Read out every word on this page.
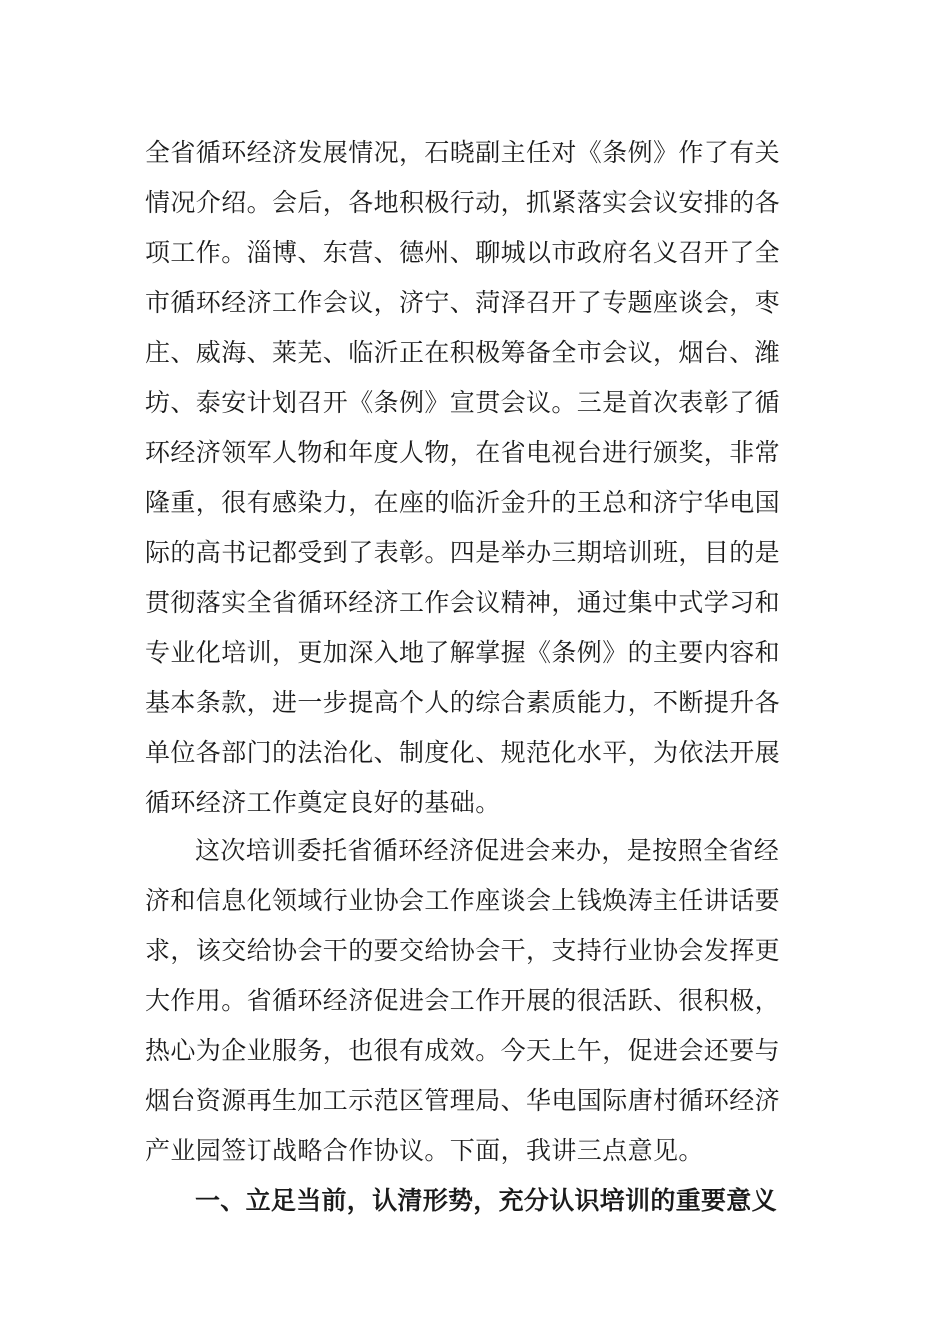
全省循环经济发展情况，石晓副主任对《条例》作了有关
情况介绍。会后，各地积极行动，抓紧落实会议安排的各
项工作。淄博、东营、德州、聊城以市政府名义召开了全
市循环经济工作会议，济宁、菏泽召开了专题座谈会，枣
庄、威海、莱芜、临沂正在积极筹备全市会议，烟台、潍
坊、泰安计划召开《条例》宣贯会议。三是首次表彰了循
环经济领军人物和年度人物，在省电视台进行颁奖，非常
隆重，很有感染力，在座的临沂金升的王总和济宁华电国
际的高书记都受到了表彰。四是举办三期培训班，目的是
贯彻落实全省循环经济工作会议精神，通过集中式学习和
专业化培训，更加深入地了解掌握《条例》的主要内容和
基本条款，进一步提高个人的综合素质能力，不断提升各
单位各部门的法治化、制度化、规范化水平，为依法开展
循环经济工作奠定良好的基础。
这次培训委托省循环经济促进会来办，是按照全省经
济和信息化领域行业协会工作座谈会上钱焕涛主任讲话要
求，该交给协会干的要交给协会干，支持行业协会发挥更
大作用。省循环经济促进会工作开展的很活跃、很积极，
热心为企业服务，也很有成效。今天上午，促进会还要与
烟台资源再生加工示范区管理局、华电国际唐村循环经济
产业园签订战略合作协议。下面，我讲三点意见。
一、立足当前，认清形势，充分认识培训的重要意义
